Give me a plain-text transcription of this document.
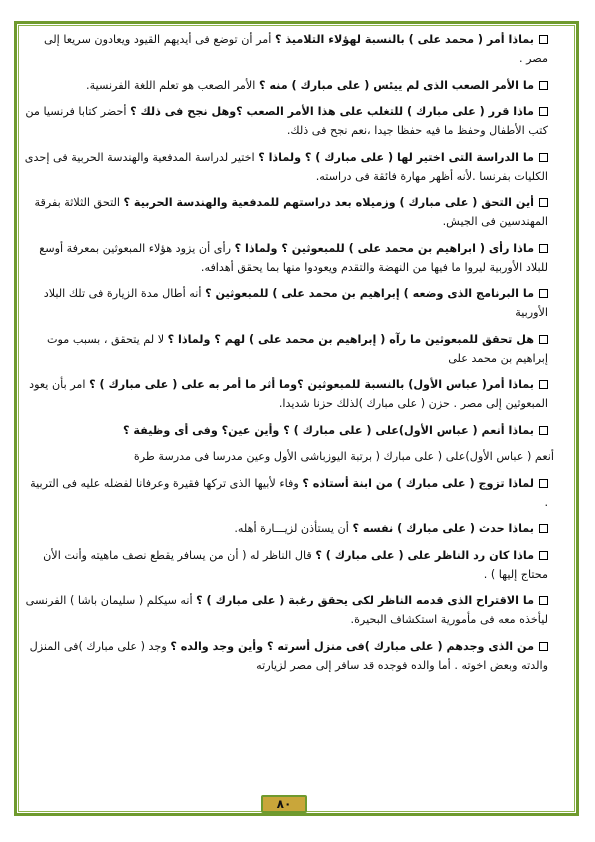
بماذا أمر ( محمد على ) بالنسبة لهؤلاء التلاميذ ؟ أمر أن توضع فى أيديهم القيود ويعادون سريعا إلى مصر .
ما الأمر الصعب الذى لم ييئس ( على مبارك ) منه ؟ الأمر الصعب هو تعلم اللغة الفرنسية.
ماذا قرر ( على مبارك ) للتغلب على هذا الأمر الصعب ؟وهل نجح فى ذلك ؟ أحضر كتابا فرنسيا من كتب الأطفال وحفظ ما فيه حفظا جيدا ،نعم نجح فى ذلك.
ما الدراسة التى اختير لها ( على مبارك ) ؟ ولماذا ؟ اختير لدراسة المدفعية والهندسة الحربية فى إحدى الكليات بفرنسا .لأنه أظهر مهارة فائقة فى دراسته.
أين التحق ( على مبارك ) وزميلاه بعد دراستهم للمدفعية والهندسة الحربية ؟ التحق الثلاثة بفرقة المهندسين فى الجيش.
ماذا رأى ( ابراهيم بن محمد على ) للمبعوثين ؟ ولماذا ؟ رأى أن يزود هؤلاء المبعوثين بمعرفة أوسع للبلاد الأوربية ليروا ما فيها من النهضة والتقدم ويعودوا منها بما يحقق أهدافه.
ما البرنامج الذى وضعه ) إبراهيم بن محمد على ) للمبعوثين ؟ أنه أطال مدة الزيارة فى تلك البلاد الأوربية
هل تحقق للمبعوثين ما رآه ( إبراهيم بن محمد على ) لهم ؟ ولماذا ؟ لا لم يتحقق ، بسبب موت إبراهيم بن محمد على
بماذا أمر( عباس الأول) بالنسبة للمبعوثين ؟وما أثر ما أمر به على ( على مبارك ) ؟ امر بأن يعود المبعوثين إلى مصر . حزن ( على مبارك )لذلك حزنا شديدا.
بماذا أنعم ( عباس الأول)على ( على مبارك ) ؟ وأين عين؟ وفى أى وظيفة ؟
أنعم ( عباس الأول)على ( على مبارك ( برتبة اليوزباشى الأول وعين مدرسا فى مدرسة طرة
لماذا تزوج ( على مبارك ) من ابنة أستاذه ؟ وفاء لأبيها الذى تركها فقيرة وعرفانا لفضله عليه فى التربية .
بماذا حدث ( على مبارك ) نفسه ؟ أن يستأذن لزيـــارة أهله.
ماذا كان رد الناظر على ( على مبارك ) ؟ قال الناظر له ( أن من يسافر يقطع نصف ماهيته وأنت الأن محتاج إليها ) .
ما الاقتراح الذى قدمه الناظر لكى يحقق رغبة ( على مبارك ) ؟ أنه سيكلم ( سليمان باشا ) الفرنسى ليأخذه معه فى مأمورية استكشاف البحيرة.
من الذى وجدهم ( على مبارك )فى منزل أسرته ؟ وأين وجد والده ؟ وجد ( على مبارك )فى المنزل والدته وبعض اخوته . أما والده فوجده قد سافر إلى مصر لزيارته
٨٠
